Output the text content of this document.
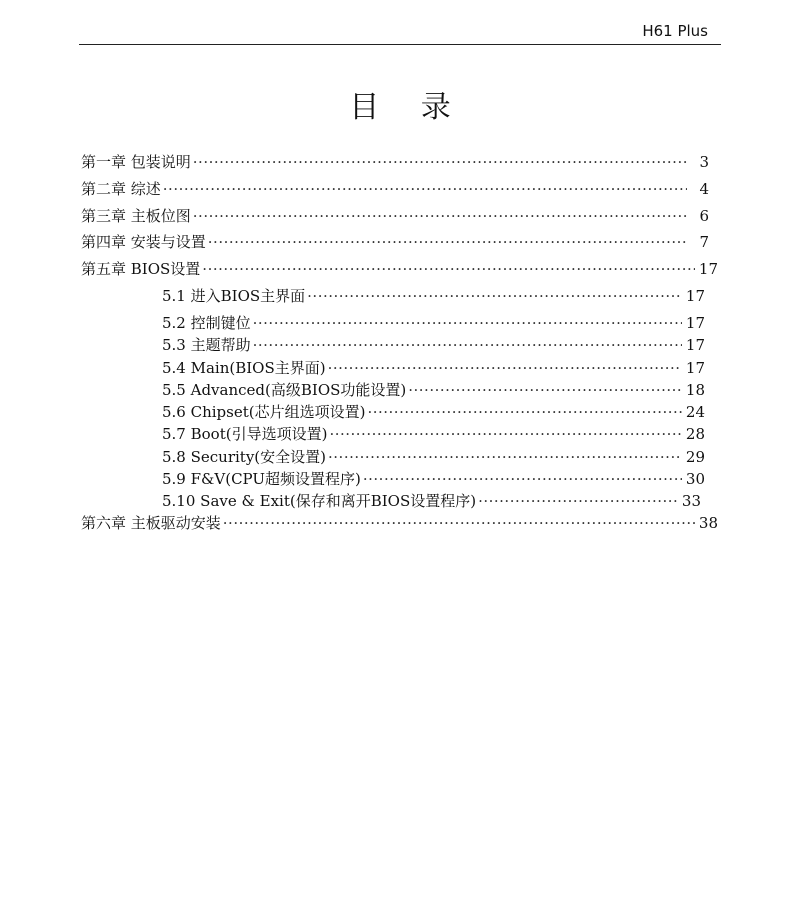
H61 Plus
目 录
第一章 包装说明 ·····	3
第二章 综述 ·····	4
第三章 主板位图 ·····	6
第四章 安装与设置 ·····	7
第五章 BIOS设置 ·····	17
5.1 进入BIOS主界面 ·····	17
5.2 控制键位 ·····	17
5.3 主题帮助 ·····	17
5.4 Main(BIOS主界面) ·····	17
5.5 Advanced(高级BIOS功能设置) ·····	18
5.6 Chipset(芯片组选项设置) ·····	24
5.7 Boot(引导选项设置) ·····	28
5.8 Security(安全设置) ·····	29
5.9 F&V(CPU超频设置程序) ·····	30
5.10 Save & Exit(保存和离开BIOS设置程序) ·····	33
第六章 主板驱动安装 ·····	38
